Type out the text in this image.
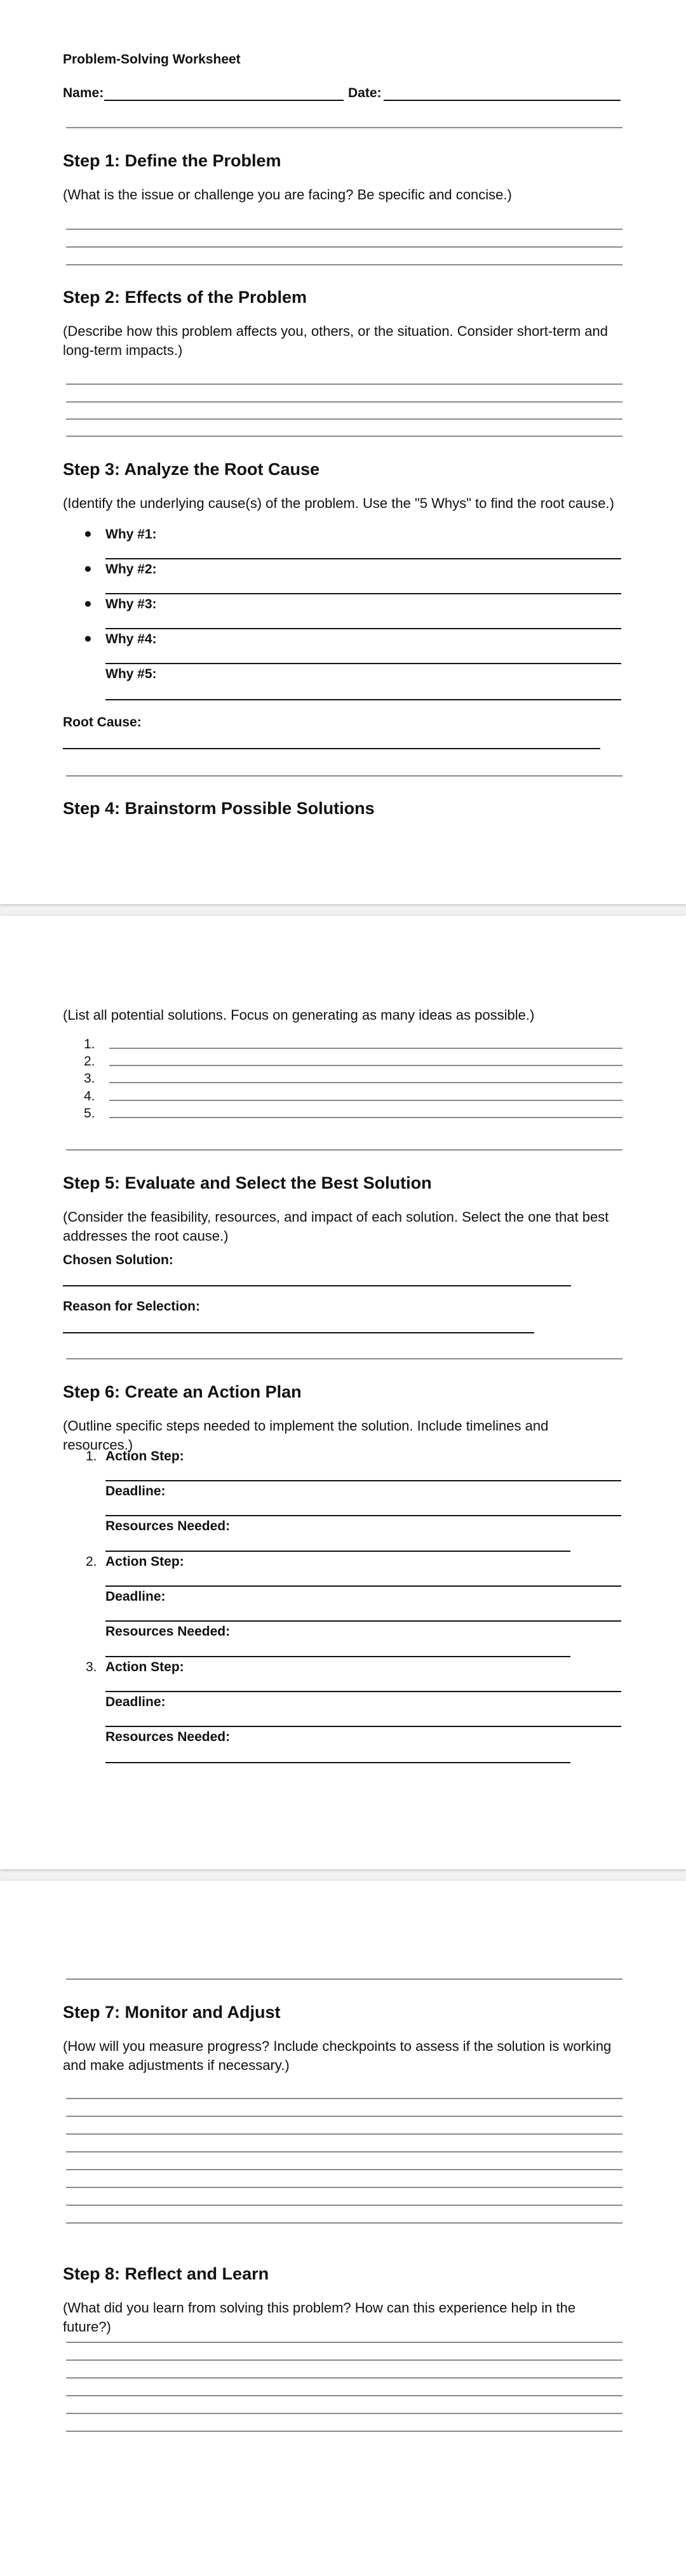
Problem-Solving Worksheet
Name:	Date:
Step 1: Define the Problem
(What is the issue or challenge you are facing? Be specific and concise.)
Step 2: Effects of the Problem
(Describe how this problem affects you, others, or the situation. Consider short-term and long-term impacts.)
Step 3: Analyze the Root Cause
(Identify the underlying cause(s) of the problem. Use the "5 Whys" to find the root cause.)
● Why #1:
● Why #2:
● Why #3:
● Why #4:
Why #5:
Root Cause:
Step 4: Brainstorm Possible Solutions
(List all potential solutions. Focus on generating as many ideas as possible.)
1.
2.
3.
4.
5.
Step 5: Evaluate and Select the Best Solution
(Consider the feasibility, resources, and impact of each solution. Select the one that best addresses the root cause.)
Chosen Solution:
Reason for Selection:
Step 6: Create an Action Plan
(Outline specific steps needed to implement the solution. Include timelines and resources.)
1. Action Step:
Deadline:
Resources Needed:
2. Action Step:
Deadline:
Resources Needed:
3. Action Step:
Deadline:
Resources Needed:
Step 7: Monitor and Adjust
(How will you measure progress? Include checkpoints to assess if the solution is working and make adjustments if necessary.)
Step 8: Reflect and Learn
(What did you learn from solving this problem? How can this experience help in the future?)
